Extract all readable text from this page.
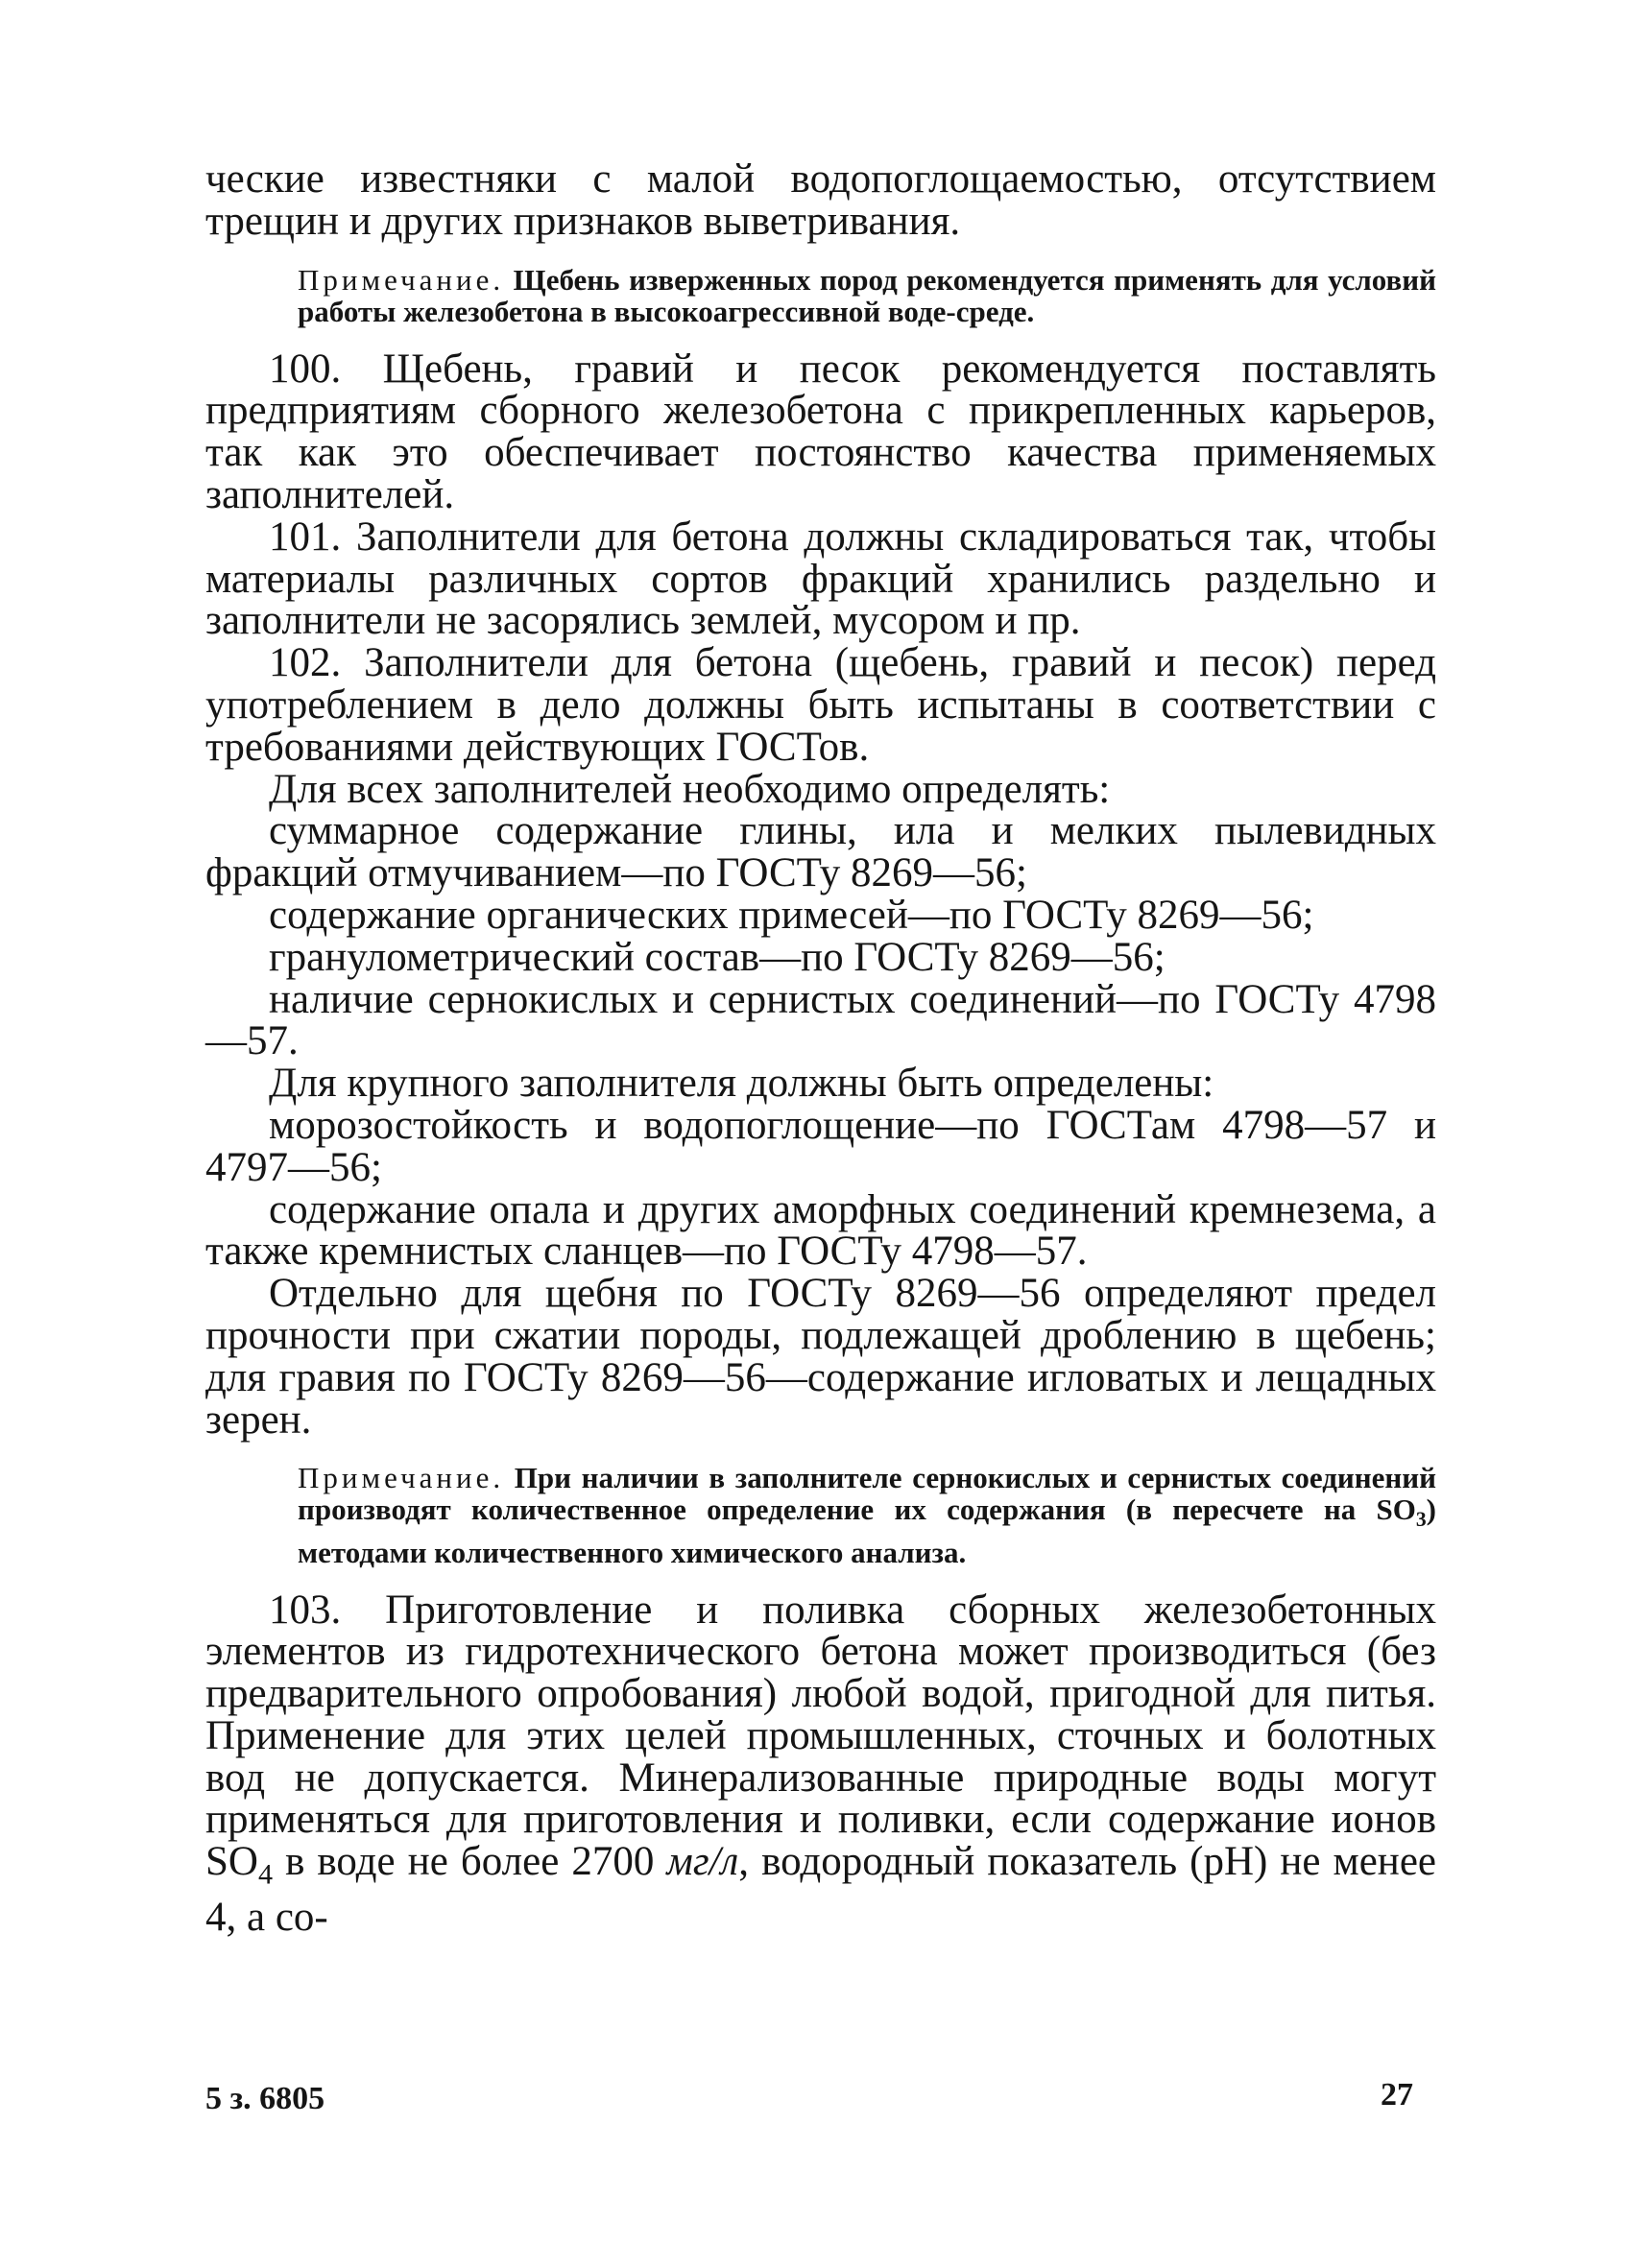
ческие известняки с малой водопоглощаемостью, отсутствием трещин и других признаков выветривания.

Примечание. Щебень изверженных пород рекомендуется применять для условий работы железобетона в высокоагрессивной воде-среде.

100. Щебень, гравий и песок рекомендуется поставлять предприятиям сборного железобетона с прикрепленных карьеров, так как это обеспечивает постоянство качества применяемых заполнителей.

101. Заполнители для бетона должны складироваться так, чтобы материалы различных сортов фракций хранились раздельно и заполнители не засорялись землей, мусором и пр.

102. Заполнители для бетона (щебень, гравий и песок) перед употреблением в дело должны быть испытаны в соответствии с требованиями действующих ГОСТов.

Для всех заполнителей необходимо определять:

суммарное содержание глины, ила и мелких пылевидных фракций отмучиванием—по ГОСТу 8269—56;

содержание органических примесей—по ГОСТу 8269—56;

гранулометрический состав—по ГОСТу 8269—56;

наличие сернокислых и сернистых соединений—по ГОСТу 4798—57.

Для крупного заполнителя должны быть определены:

морозостойкость и водопоглощение—по ГОСТам 4798—57 и 4797—56;

содержание опала и других аморфных соединений кремнезема, а также кремнистых сланцев—по ГОСТу 4798—57.

Отдельно для щебня по ГОСТу 8269—56 определяют предел прочности при сжатии породы, подлежащей дроблению в щебень; для гравия по ГОСТу 8269—56—содержание игловатых и лещадных зерен.

Примечание. При наличии в заполнителе сернокислых и сернистых соединений производят количественное определение их содержания (в пересчете на $SO_3$) методами количественного химического анализа.

103. Приготовление и поливка сборных железобетонных элементов из гидротехнического бетона может производиться (без предварительного опробования) любой водой, пригодной для питья. Применение для этих целей промышленных, сточных и болотных вод не допускается. Минерализованные природные воды могут применяться для приготовления и поливки, если содержание ионов $SO_4$ в воде не более 2700 мг/л, водородный показатель (pH) не менее 4, а со-

5 з. 6805	27
